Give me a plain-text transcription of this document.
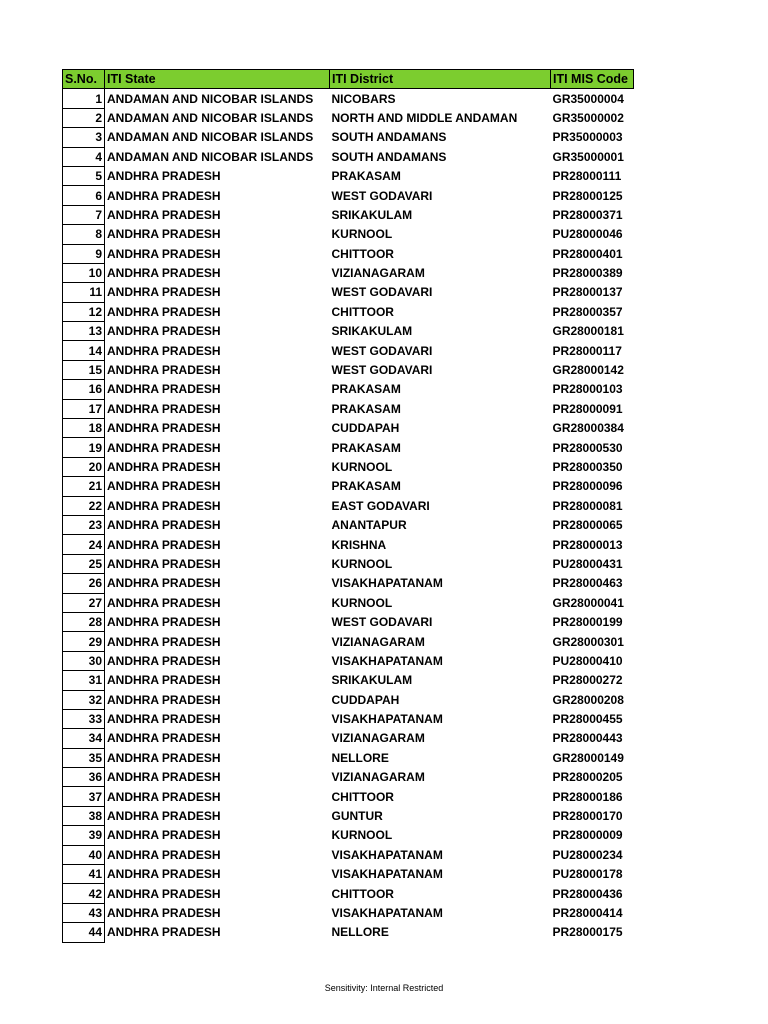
S.No.	ITI State	ITI District	ITI MIS Code
1	ANDAMAN AND NICOBAR ISLANDS	NICOBARS	GR35000004
2	ANDAMAN AND NICOBAR ISLANDS	NORTH AND MIDDLE ANDAMAN	GR35000002
3	ANDAMAN AND NICOBAR ISLANDS	SOUTH ANDAMANS	PR35000003
4	ANDAMAN AND NICOBAR ISLANDS	SOUTH ANDAMANS	GR35000001
5	ANDHRA PRADESH	PRAKASAM	PR28000111
6	ANDHRA PRADESH	WEST GODAVARI	PR28000125
7	ANDHRA PRADESH	SRIKAKULAM	PR28000371
8	ANDHRA PRADESH	KURNOOL	PU28000046
9	ANDHRA PRADESH	CHITTOOR	PR28000401
10	ANDHRA PRADESH	VIZIANAGARAM	PR28000389
11	ANDHRA PRADESH	WEST GODAVARI	PR28000137
12	ANDHRA PRADESH	CHITTOOR	PR28000357
13	ANDHRA PRADESH	SRIKAKULAM	GR28000181
14	ANDHRA PRADESH	WEST GODAVARI	PR28000117
15	ANDHRA PRADESH	WEST GODAVARI	GR28000142
16	ANDHRA PRADESH	PRAKASAM	PR28000103
17	ANDHRA PRADESH	PRAKASAM	PR28000091
18	ANDHRA PRADESH	CUDDAPAH	GR28000384
19	ANDHRA PRADESH	PRAKASAM	PR28000530
20	ANDHRA PRADESH	KURNOOL	PR28000350
21	ANDHRA PRADESH	PRAKASAM	PR28000096
22	ANDHRA PRADESH	EAST GODAVARI	PR28000081
23	ANDHRA PRADESH	ANANTAPUR	PR28000065
24	ANDHRA PRADESH	KRISHNA	PR28000013
25	ANDHRA PRADESH	KURNOOL	PU28000431
26	ANDHRA PRADESH	VISAKHAPATANAM	PR28000463
27	ANDHRA PRADESH	KURNOOL	GR28000041
28	ANDHRA PRADESH	WEST GODAVARI	PR28000199
29	ANDHRA PRADESH	VIZIANAGARAM	GR28000301
30	ANDHRA PRADESH	VISAKHAPATANAM	PU28000410
31	ANDHRA PRADESH	SRIKAKULAM	PR28000272
32	ANDHRA PRADESH	CUDDAPAH	GR28000208
33	ANDHRA PRADESH	VISAKHAPATANAM	PR28000455
34	ANDHRA PRADESH	VIZIANAGARAM	PR28000443
35	ANDHRA PRADESH	NELLORE	GR28000149
36	ANDHRA PRADESH	VIZIANAGARAM	PR28000205
37	ANDHRA PRADESH	CHITTOOR	PR28000186
38	ANDHRA PRADESH	GUNTUR	PR28000170
39	ANDHRA PRADESH	KURNOOL	PR28000009
40	ANDHRA PRADESH	VISAKHAPATANAM	PU28000234
41	ANDHRA PRADESH	VISAKHAPATANAM	PU28000178
42	ANDHRA PRADESH	CHITTOOR	PR28000436
43	ANDHRA PRADESH	VISAKHAPATANAM	PR28000414
44	ANDHRA PRADESH	NELLORE	PR28000175
Sensitivity: Internal Restricted
